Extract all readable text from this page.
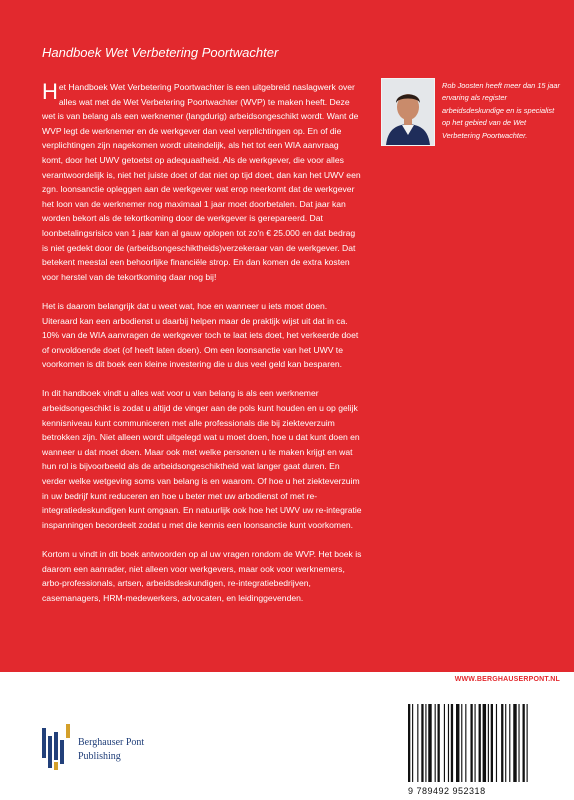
Handboek Wet Verbetering Poortwachter

Het Handboek Wet Verbetering Poortwachter is een uitgebreid naslagwerk over alles wat met de Wet Verbetering Poortwachter (WVP) te maken heeft. Deze wet is van belang als een werknemer (langdurig) arbeidsongeschikt wordt. Want de WVP legt de werknemer en de werkgever dan veel verplichtingen op. En of die verplichtingen zijn nagekomen wordt uiteindelijk, als het tot een WIA aanvraag komt, door het UWV getoetst op adequaatheid. Als de werkgever, die voor alles verantwoordelijk is, niet het juiste doet of dat niet op tijd doet, dan kan het UWV een zgn. loonsanctie opleggen aan de werkgever wat erop neerkomt dat de werkgever het loon van de werknemer nog maximaal 1 jaar moet doorbetalen. Dat jaar kan worden bekort als de tekortkoming door de werkgever is gerepareerd. Dat loonbetalingsrisico van 1 jaar kan al gauw oplopen tot zo'n € 25.000 en dat bedrag is niet gedekt door de (arbeidsongeschiktheids)verzekeraar van de werkgever. Dat betekent meestal een behoorlijke financiële strop. En dan komen de extra kosten voor herstel van de tekortkoming daar nog bij!

Het is daarom belangrijk dat u weet wat, hoe en wanneer u iets moet doen. Uiteraard kan een arbodienst u daarbij helpen maar de praktijk wijst uit dat in ca. 10% van de WIA aanvragen de werkgever toch te laat iets doet, het verkeerde doet of onvoldoende doet (of heeft laten doen). Om een loonsanctie van het UWV te voorkomen is dit boek een kleine investering die u dus veel geld kan besparen.

In dit handboek vindt u alles wat voor u van belang is als een werknemer arbeidsongeschikt is zodat u altijd de vinger aan de pols kunt houden en u op gelijk kennisniveau kunt communiceren met alle professionals die bij ziekteverzuim betrokken zijn. Niet alleen wordt uitgelegd wat u moet doen, hoe u dat kunt doen en wanneer u dat moet doen. Maar ook met welke personen u te maken krijgt en wat hun rol is bijvoorbeeld als de arbeidsongeschiktheid wat langer gaat duren. En verder welke wetgeving soms van belang is en waarom. Of hoe u het ziekteverzuim in uw bedrijf kunt reduceren en hoe u beter met uw arbodienst of met re-integratiedeskundigen kunt omgaan. En natuurlijk ook hoe het UWV uw re-integratie inspanningen beoordeelt zodat u met die kennis een loonsanctie kunt voorkomen.

Kortom u vindt in dit boek antwoorden op al uw vragen rondom de WVP. Het boek is daarom een aanrader, niet alleen voor werkgevers, maar ook voor werknemers, arbo-professionals, artsen, arbeidsdeskundigen, re-integratiebedrijven, casemanagers, HRM-medewerkers, advocaten, en leidinggevenden.

Rob Joosten heeft meer dan 15 jaar ervaring als register arbeidsdeskundige en is specialist op het gebied van de Wet Verbetering Poortwachter.
WWW.BERGHAUSERPONT.NL
Berghauser Pont
Publishing
9 789492 952318
